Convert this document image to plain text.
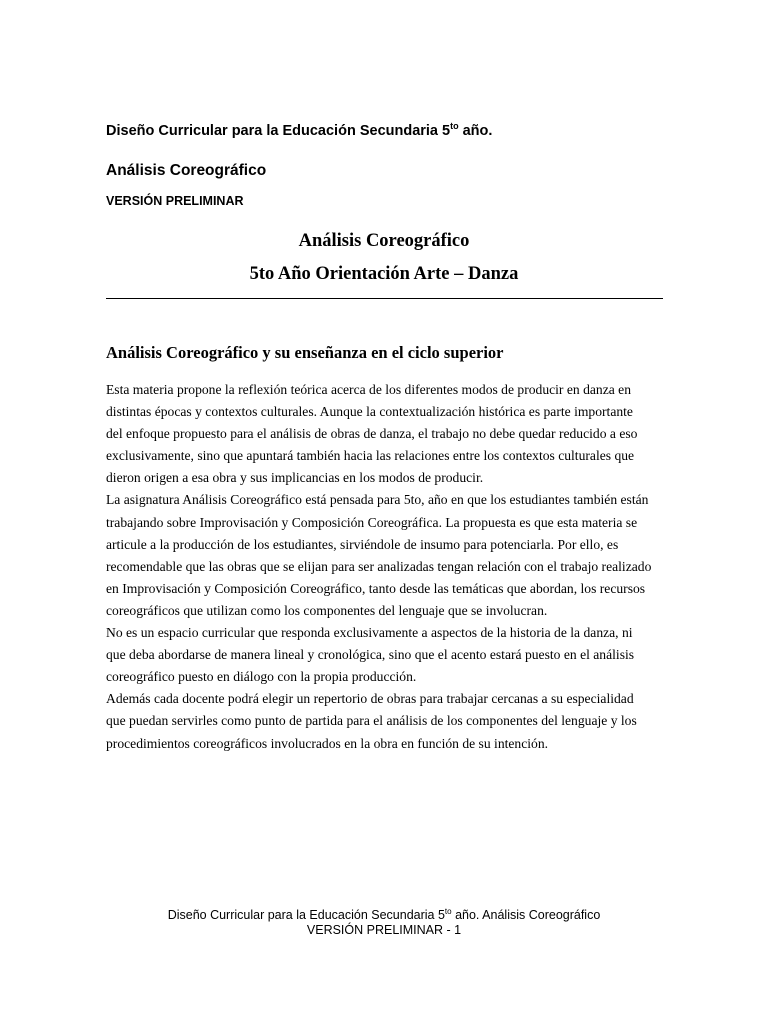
Diseño Curricular para la Educación Secundaria $5^{to}$ año.
Análisis Coreográfico
VERSIÓN PRELIMINAR
Análisis Coreográfico
5to Año Orientación Arte – Danza
Análisis Coreográfico y su enseñanza en el ciclo superior
Esta materia propone la reflexión teórica acerca de los diferentes modos de producir en danza en
distintas épocas y contextos culturales. Aunque la contextualización histórica es parte importante
del enfoque propuesto para el análisis de obras de danza, el trabajo no debe quedar reducido a eso
exclusivamente, sino que apuntará también hacia las relaciones entre los contextos culturales que
dieron origen a esa obra y sus implicancias en los modos de producir.
La asignatura Análisis Coreográfico está pensada para 5to, año en que los estudiantes también están
trabajando sobre Improvisación y Composición Coreográfica. La propuesta es que esta materia se
articule a la producción de los estudiantes, sirviéndole de insumo para potenciarla. Por ello, es
recomendable que las obras que se elijan para ser analizadas tengan relación con el trabajo realizado
en Improvisación y Composición Coreográfico, tanto desde las temáticas que abordan, los recursos
coreográficos que utilizan como los componentes del lenguaje que se involucran.
No es un espacio curricular que responda exclusivamente a aspectos de la historia de la danza, ni
que deba abordarse de manera lineal y cronológica, sino que el acento estará puesto en el análisis
coreográfico puesto en diálogo con la propia producción.
Además cada docente podrá elegir un repertorio de obras para trabajar cercanas a su especialidad
que puedan servirles como punto de partida para el análisis de los componentes del lenguaje y los
procedimientos coreográficos involucrados en la obra en función de su intención.
Diseño Curricular para la Educación Secundaria $5^{to}$ año. Análisis Coreográfico
VERSIÓN PRELIMINAR - 1
